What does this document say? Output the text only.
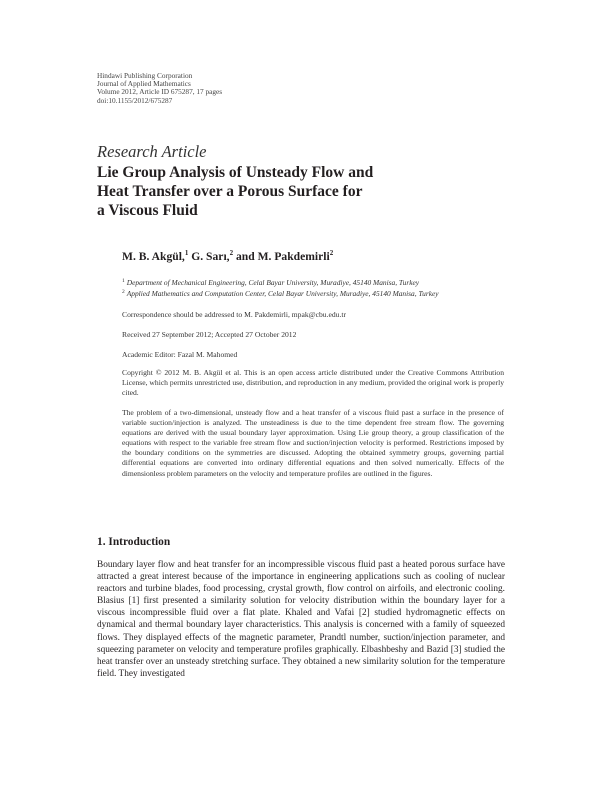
Hindawi Publishing Corporation
Journal of Applied Mathematics
Volume 2012, Article ID 675287, 17 pages
doi:10.1155/2012/675287
Research Article
Lie Group Analysis of Unsteady Flow and
Heat Transfer over a Porous Surface for
a Viscous Fluid
M. B. Akgül,$^1$ G. Sarı,$^2$ and M. Pakdemirli$^2$
$^1$ Department of Mechanical Engineering, Celal Bayar University, Muradiye, 45140 Manisa, Turkey
$^2$ Applied Mathematics and Computation Center, Celal Bayar University, Muradiye, 45140 Manisa, Turkey
Correspondence should be addressed to M. Pakdemirli, mpak@cbu.edu.tr
Received 27 September 2012; Accepted 27 October 2012
Academic Editor: Fazal M. Mahomed
Copyright © 2012 M. B. Akgül et al. This is an open access article distributed under the Creative Commons Attribution License, which permits unrestricted use, distribution, and reproduction in any medium, provided the original work is properly cited.
The problem of a two-dimensional, unsteady flow and a heat transfer of a viscous fluid past a surface in the presence of variable suction/injection is analyzed. The unsteadiness is due to the time dependent free stream flow. The governing equations are derived with the usual boundary layer approximation. Using Lie group theory, a group classification of the equations with respect to the variable free stream flow and suction/injection velocity is performed. Restrictions imposed by the boundary conditions on the symmetries are discussed. Adopting the obtained symmetry groups, governing partial differential equations are converted into ordinary differential equations and then solved numerically. Effects of the dimensionless problem parameters on the velocity and temperature profiles are outlined in the figures.
1. Introduction
Boundary layer flow and heat transfer for an incompressible viscous fluid past a heated porous surface have attracted a great interest because of the importance in engineering applications such as cooling of nuclear reactors and turbine blades, food processing, crystal growth, flow control on airfoils, and electronic cooling. Blasius [1] first presented a similarity solution for velocity distribution within the boundary layer for a viscous incompressible fluid over a flat plate. Khaled and Vafai [2] studied hydromagnetic effects on dynamical and thermal boundary layer characteristics. This analysis is concerned with a family of squeezed flows. They displayed effects of the magnetic parameter, Prandtl number, suction/injection parameter, and squeezing parameter on velocity and temperature profiles graphically. Elbashbeshy and Bazid [3] studied the heat transfer over an unsteady stretching surface. They obtained a new similarity solution for the temperature field. They investigated
